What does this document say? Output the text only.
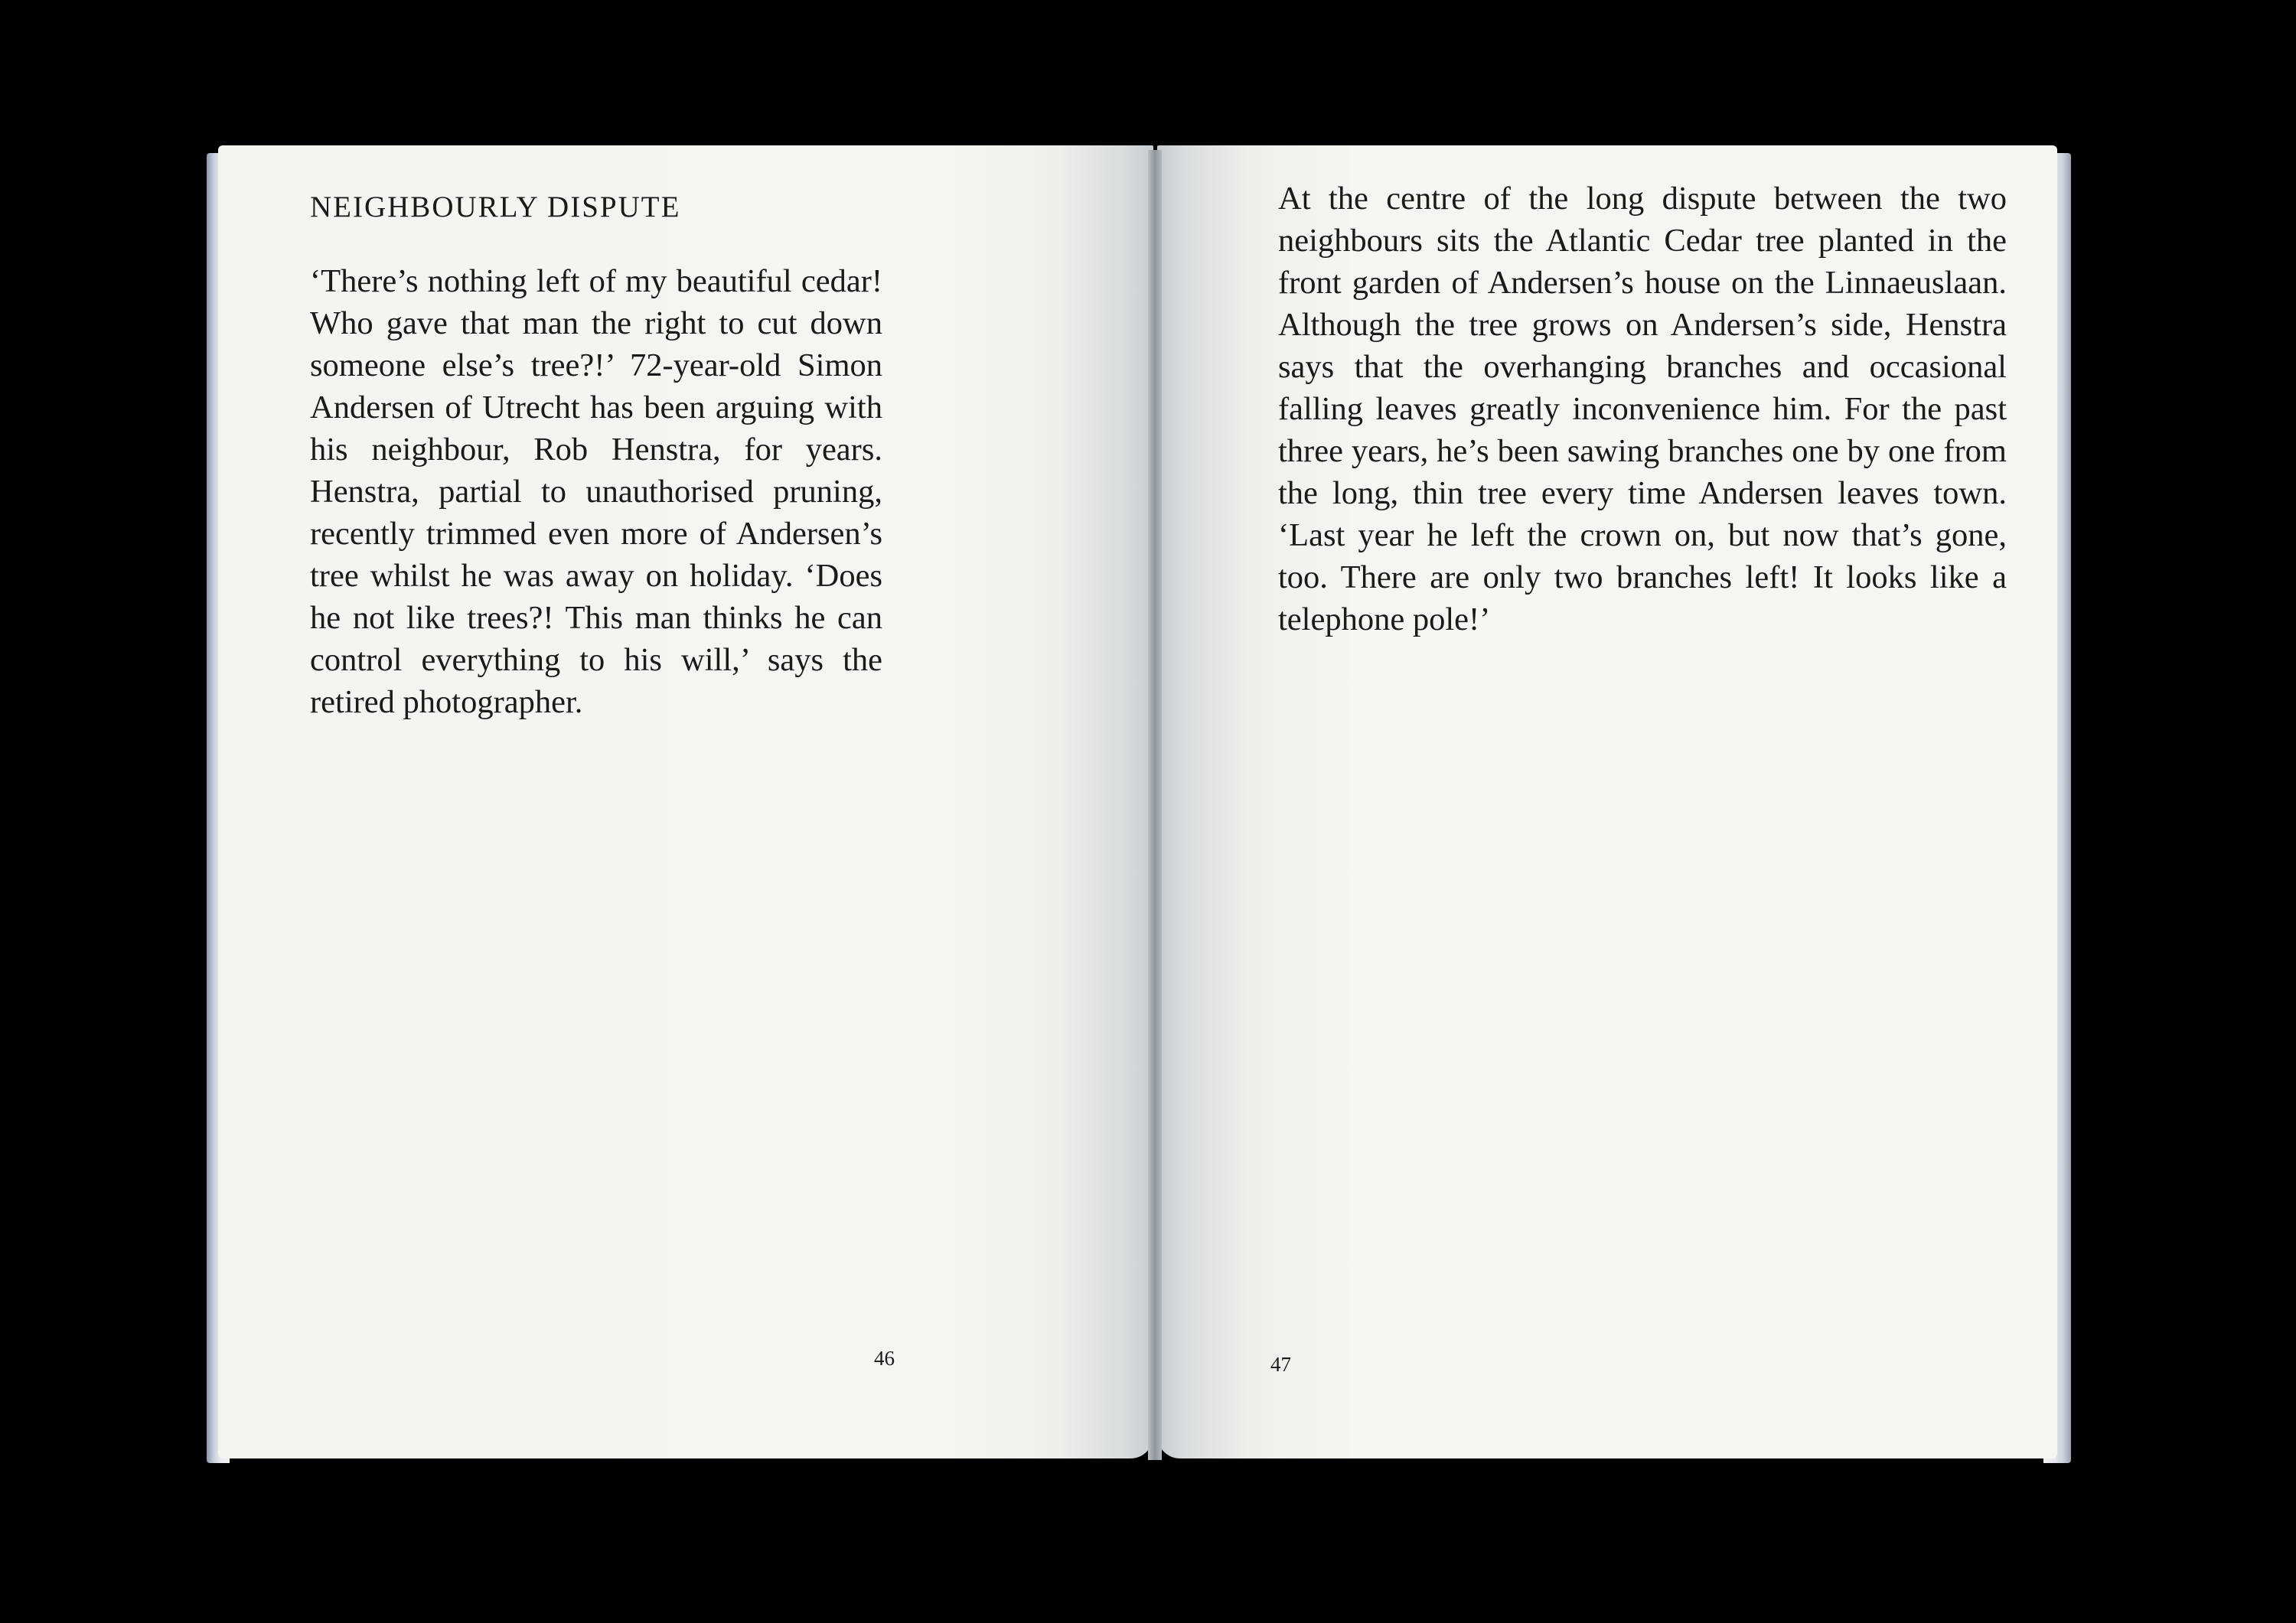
NEIGHBOURLY DISPUTE
‘There’s nothing left of my beautiful cedar! Who gave that man the right to cut down someone else’s tree?!’ 72-year-old Simon Andersen of Utrecht has been arguing with his neighbour, Rob Henstra, for years. Henstra, partial to unauthorised pruning, recently trimmed even more of Andersen’s tree whilst he was away on holiday. ‘Does he not like trees?! This man thinks he can control everything to his will,’ says the retired photographer.
46
At the centre of the long dispute between the two neighbours sits the Atlantic Cedar tree planted in the front garden of Andersen’s house on the Linnaeuslaan. Although the tree grows on Andersen’s side, Henstra says that the overhanging branches and occasional falling leaves greatly inconvenience him. For the past three years, he’s been sawing branches one by one from the long, thin tree every time Andersen leaves town. ‘Last year he left the crown on, but now that’s gone, too. There are only two branches left! It looks like a telephone pole!’
47
